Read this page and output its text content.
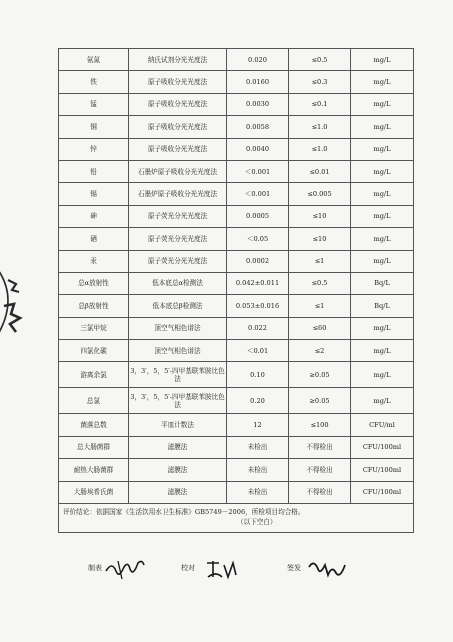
氨氮	纳氏试剂分光光度法	0.020	≤0.5	mg/L
铁	原子吸收分光光度法	0.0160	≤0.3	mg/L
锰	原子吸收分光光度法	0.0030	≤0.1	mg/L
铜	原子吸收分光光度法	0.0058	≤1.0	mg/L
锌	原子吸收分光光度法	0.0040	≤1.0	mg/L
铅	石墨炉原子吸收分光光度法	＜0.001	≤0.01	mg/L
镉	石墨炉原子吸收分光光度法	＜0.001	≤0.005	mg/L
砷	原子荧光分光光度法	0.0005	≤10	mg/L
硒	原子荧光分光光度法	＜0.05	≤10	mg/L
汞	原子荧光分光光度法	0.0002	≤1	mg/L
总α放射性	低本底总α检测法	0.042±0.011	≤0.5	Bq/L
总β放射性	低本底总β检测法	0.053±0.016	≤1	Bq/L
三氯甲烷	顶空气相色谱法	0.022	≤60	mg/L
四氯化碳	顶空气相色谱法	＜0.01	≤2	mg/L
游离余氯	3，3′，5，5′-四甲基联苯胺比色法	0.10	≥0.05	mg/L
总氯	3，3′，5，5′-四甲基联苯胺比色法	0.20	≥0.05	mg/L
菌落总数	平皿计数法	12	≤100	CFU/ml
总大肠菌群	滤膜法	未检出	不得检出	CFU/100ml
耐热大肠菌群	滤膜法	未检出	不得检出	CFU/100ml
大肠埃希氏菌	滤膜法	未检出	不得检出	CFU/100ml

评价结论：依据国家《生活饮用水卫生标准》GB5749－2006，所检项目均合格。
（以下空白）				
制表	校对	签发
